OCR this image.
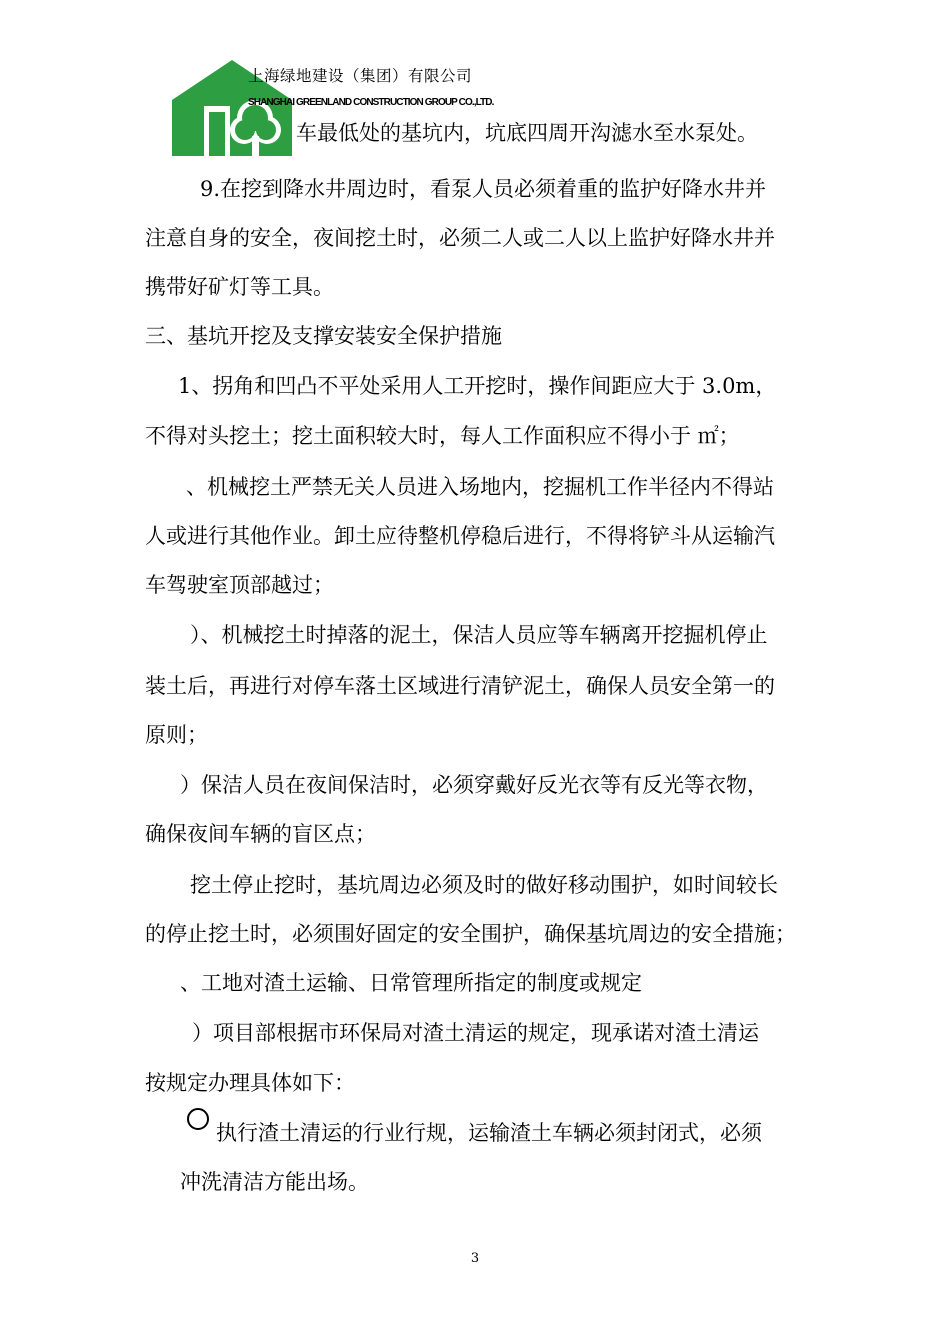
上海绿地建设（集团）有限公司
SHANGHAI GREENLAND CONSTRUCTION GROUP CO.,LTD.
车最低处的基坑内，坑底四周开沟滤水至水泵处。
9.在挖到降水井周边时，看泵人员必须着重的监护好降水井并
注意自身的安全，夜间挖土时，必须二人或二人以上监护好降水井并
携带好矿灯等工具。
三、基坑开挖及支撑安装安全保护措施
1、拐角和凹凸不平处采用人工开挖时，操作间距应大于 3.0m，
不得对头挖土；挖土面积较大时，每人工作面积应不得小于 ㎡；
、机械挖土严禁无关人员进入场地内，挖掘机工作半径内不得站
人或进行其他作业。卸土应待整机停稳后进行，不得将铲斗从运输汽
车驾驶室顶部越过；
）、机械挖土时掉落的泥土，保洁人员应等车辆离开挖掘机停止
装土后，再进行对停车落土区域进行清铲泥土，确保人员安全第一的
原则；
）保洁人员在夜间保洁时，必须穿戴好反光衣等有反光等衣物，
确保夜间车辆的盲区点；
挖土停止挖时，基坑周边必须及时的做好移动围护，如时间较长
的停止挖土时，必须围好固定的安全围护，确保基坑周边的安全措施；
、工地对渣土运输、日常管理所指定的制度或规定
）项目部根据市环保局对渣土清运的规定，现承诺对渣土清运
按规定办理具体如下：
执行渣土清运的行业行规，运输渣土车辆必须封闭式，必须
冲洗清洁方能出场。
3
